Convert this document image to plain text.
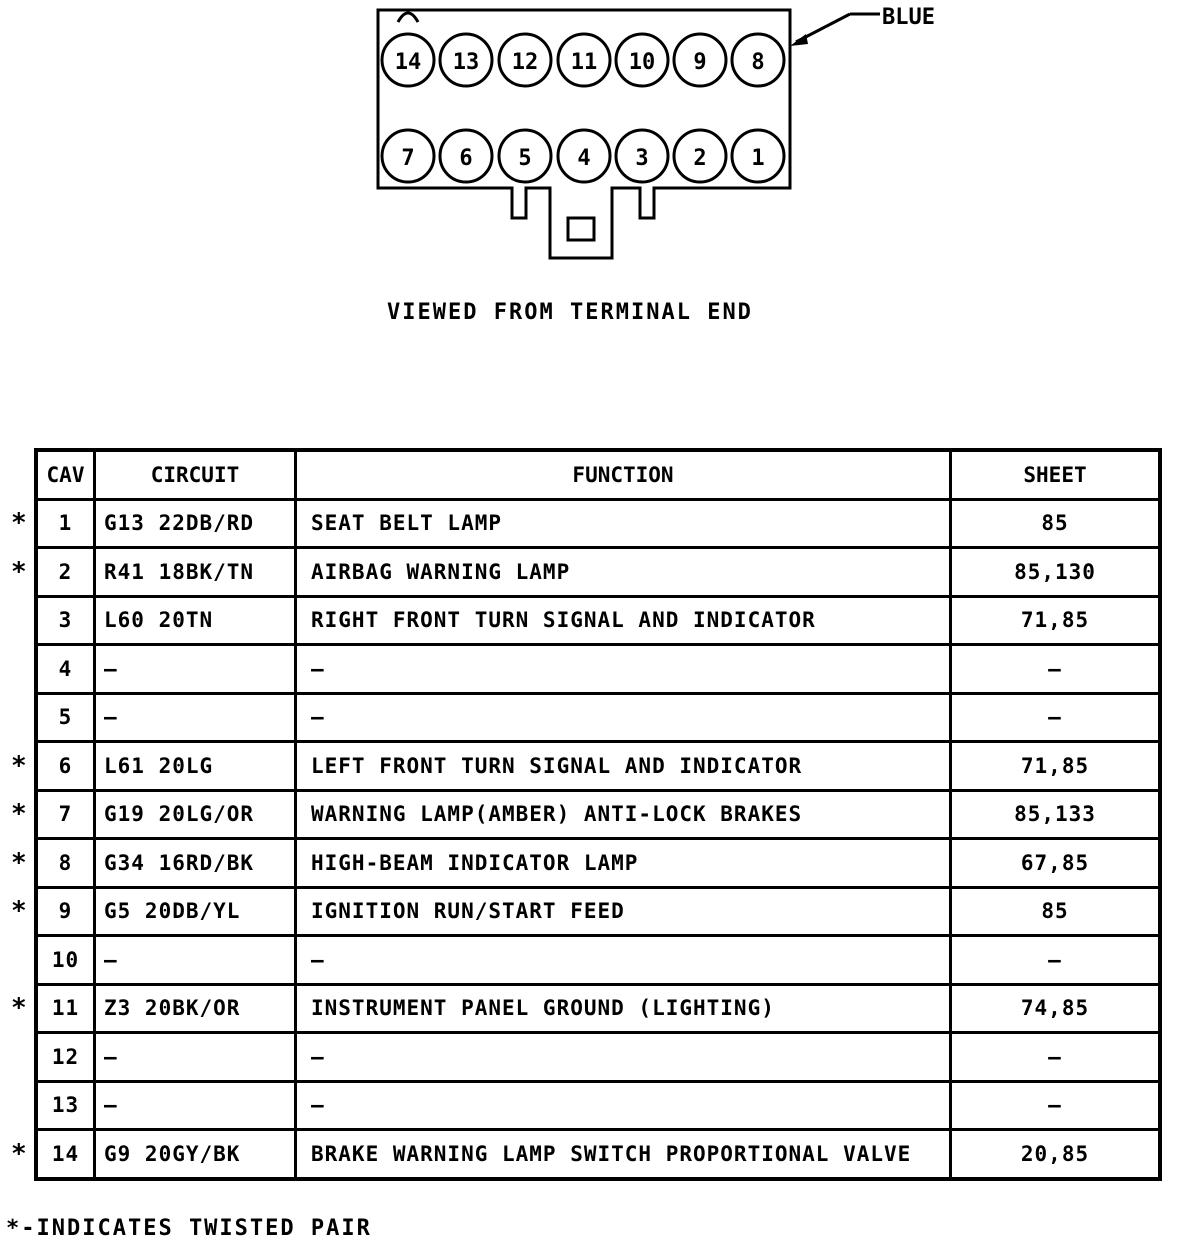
14 13 12 11 10 9 8
7 6 5 4 3 2 1
BLUE
VIEWED FROM TERMINAL END
CAV	CIRCUIT	FUNCTION	SHEET

* 1	G13 22DB/RD	SEAT BELT LAMP	85

* 2	R41 18BK/TN	AIRBAG WARNING LAMP	85,130

3	L60 20TN	RIGHT FRONT TURN SIGNAL AND INDICATOR	71,85

4	—	—	—

5	—	—	—

* 6	L61 20LG	LEFT FRONT TURN SIGNAL AND INDICATOR	71,85

* 7	G19 20LG/OR	WARNING LAMP(AMBER) ANTI-LOCK BRAKES	85,133

* 8	G34 16RD/BK	HIGH-BEAM INDICATOR LAMP	67,85

* 9	G5 20DB/YL	IGNITION RUN/START FEED	85

10	—	—	—

* 11	Z3 20BK/OR	INSTRUMENT PANEL GROUND (LIGHTING)	74,85

12	—	—	—

13	—	—	—

* 14	G9 20GY/BK	BRAKE WARNING LAMP SWITCH PROPORTIONAL VALVE	20,85
*-INDICATES TWISTED PAIR
